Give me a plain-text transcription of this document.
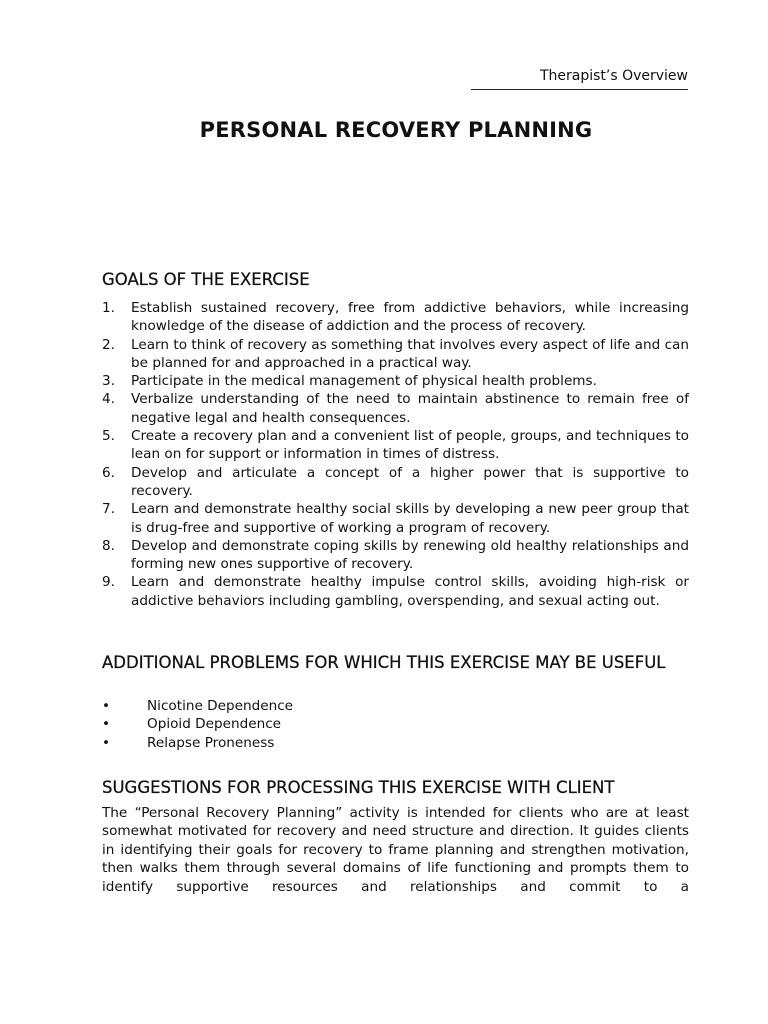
Therapist’s Overview
PERSONAL RECOVERY PLANNING
GOALS OF THE EXERCISE
1. Establish sustained recovery, free from addictive behaviors, while increasing knowledge of the disease of addiction and the process of recovery.
2. Learn to think of recovery as something that involves every aspect of life and can be planned for and approached in a practical way.
3. Participate in the medical management of physical health problems.
4. Verbalize understanding of the need to maintain abstinence to remain free of negative legal and health consequences.
5. Create a recovery plan and a convenient list of people, groups, and techniques to lean on for support or information in times of distress.
6. Develop and articulate a concept of a higher power that is supportive to recovery.
7. Learn and demonstrate healthy social skills by developing a new peer group that is drug-free and supportive of working a program of recovery.
8. Develop and demonstrate coping skills by renewing old healthy relationships and forming new ones supportive of recovery.
9. Learn and demonstrate healthy impulse control skills, avoiding high-risk or addictive behaviors including gambling, overspending, and sexual acting out.
ADDITIONAL PROBLEMS FOR WHICH THIS EXERCISE MAY BE USEFUL
•	Nicotine Dependence
•	Opioid Dependence
•	Relapse Proneness
SUGGESTIONS FOR PROCESSING THIS EXERCISE WITH CLIENT

The “Personal Recovery Planning” activity is intended for clients who are at least somewhat motivated for recovery and need structure and direction. It guides clients in identifying their goals for recovery to frame planning and strengthen motivation, then walks them through several domains of life functioning and prompts them to identify supportive resources and relationships and commit to a
